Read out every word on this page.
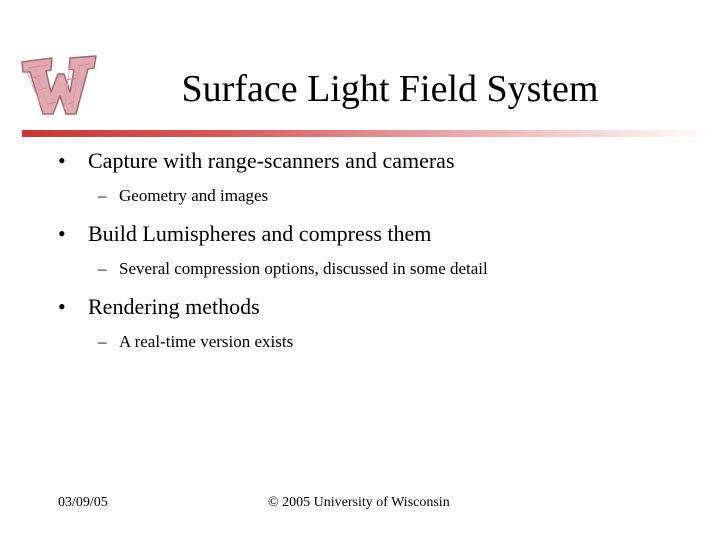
Surface Light Field System
• Capture with range-scanners and cameras
– Geometry and images
• Build Lumispheres and compress them
– Several compression options, discussed in some detail
• Rendering methods
– A real-time version exists
03/09/05	© 2005 University of Wisconsin
